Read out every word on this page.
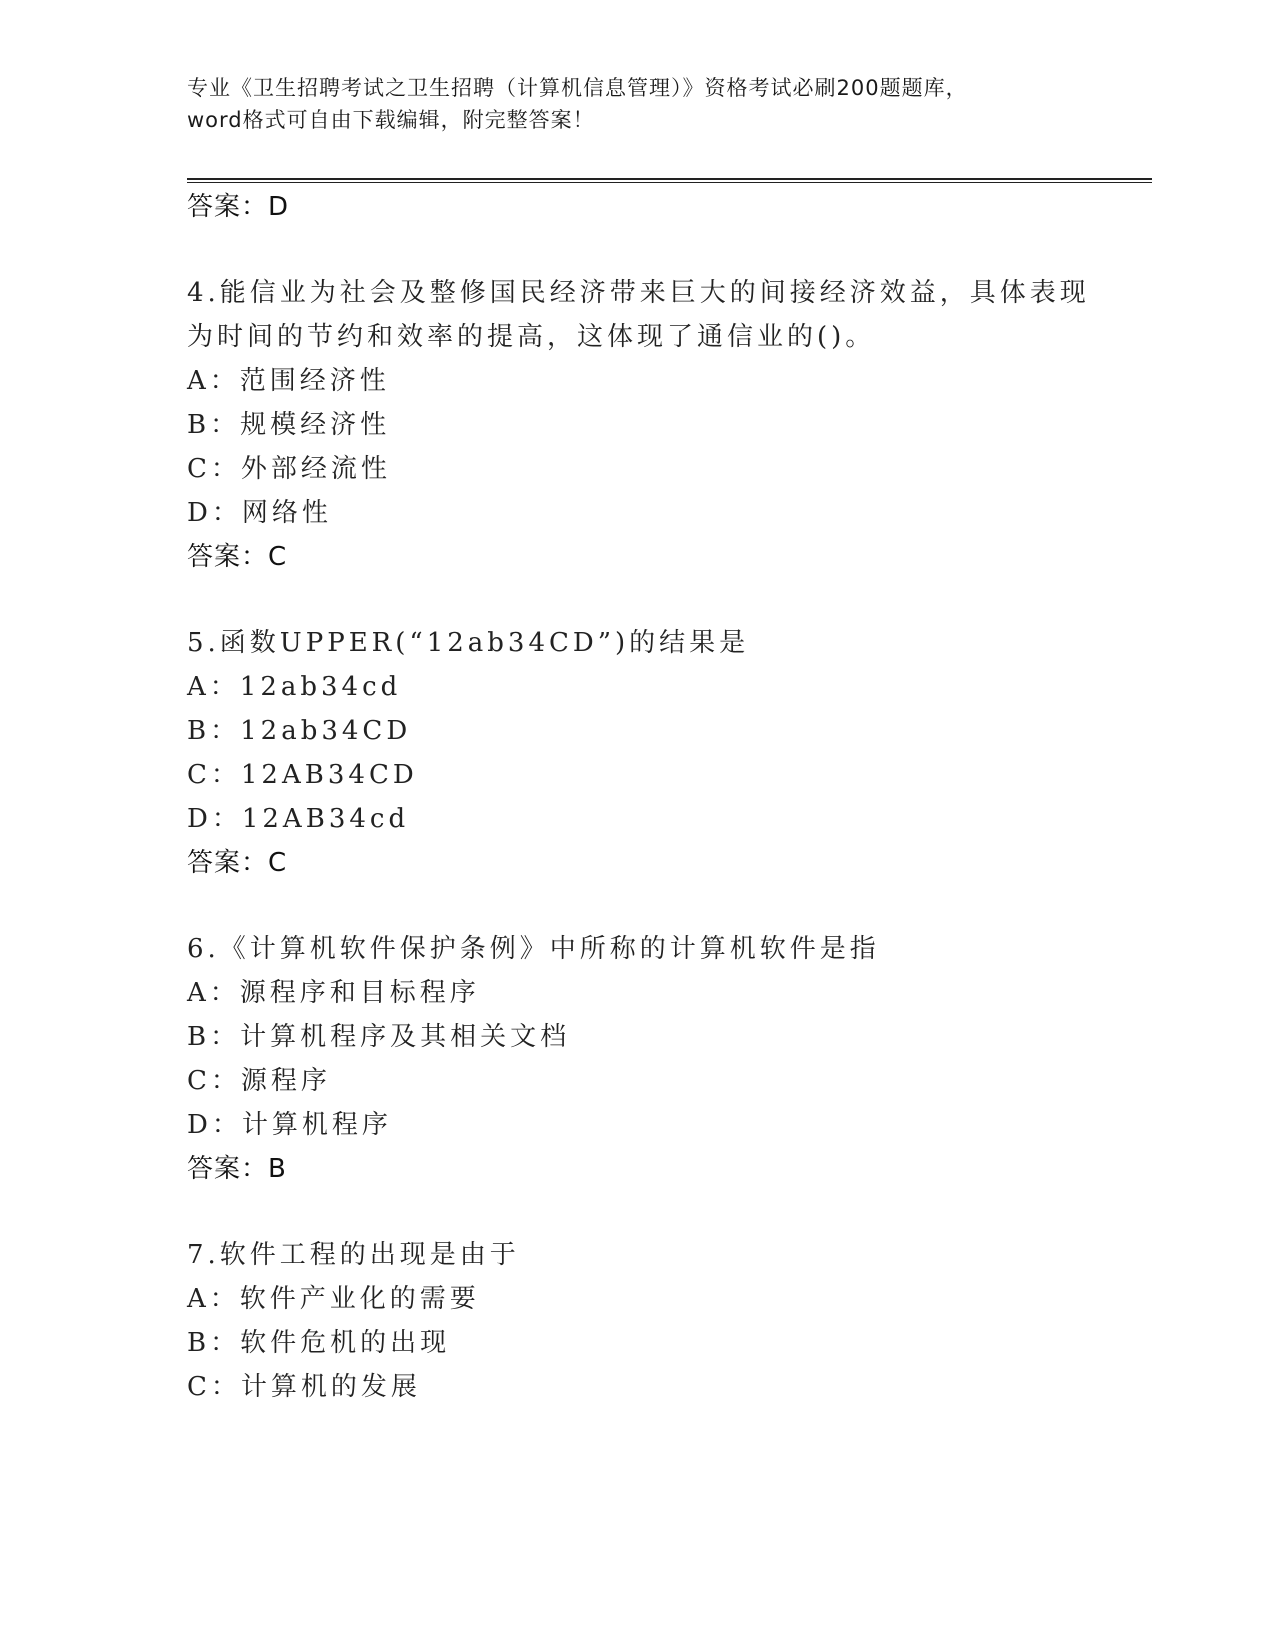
专业《卫生招聘考试之卫生招聘（计算机信息管理）》资格考试必刷200题题库，
word格式可自由下载编辑，附完整答案！
答案：D
4.能信业为社会及整修国民经济带来巨大的间接经济效益，具体表现
为时间的节约和效率的提高，这体现了通信业的()。
A：范围经济性
B：规模经济性
C：外部经流性
D：网络性
答案：C
5.函数UPPER(“12ab34CD”)的结果是
A：12ab34cd
B：12ab34CD
C：12AB34CD
D：12AB34cd
答案：C
6.《计算机软件保护条例》中所称的计算机软件是指
A：源程序和目标程序
B：计算机程序及其相关文档
C：源程序
D：计算机程序
答案：B
7.软件工程的出现是由于
A：软件产业化的需要
B：软件危机的出现
C：计算机的发展
